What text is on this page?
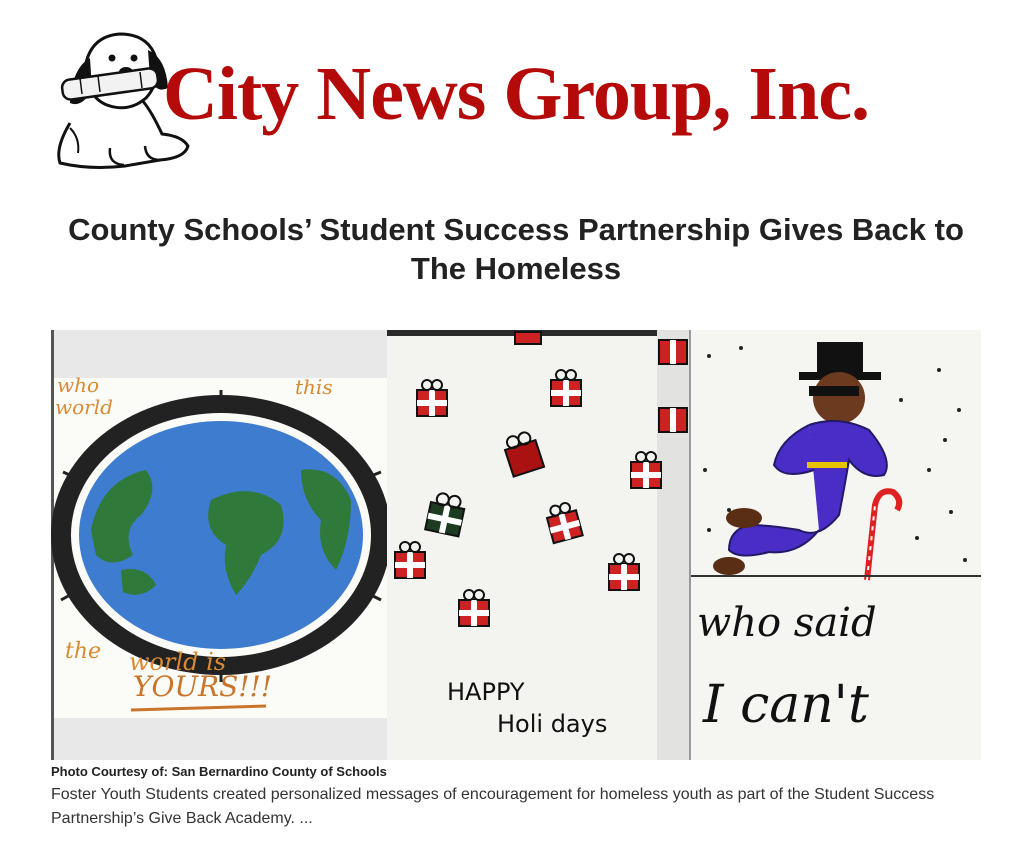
City News Group, Inc.
County Schools’ Student Success Partnership Gives Back to The Homeless
who
world
this
the world is
YOURS!!!	HAPPY
Holi days
who said
I can't
Photo Courtesy of: San Bernardino County of Schools
Foster Youth Students created personalized messages of encouragement for homeless youth as part of the Student Success Partnership’s Give Back Academy. ...
